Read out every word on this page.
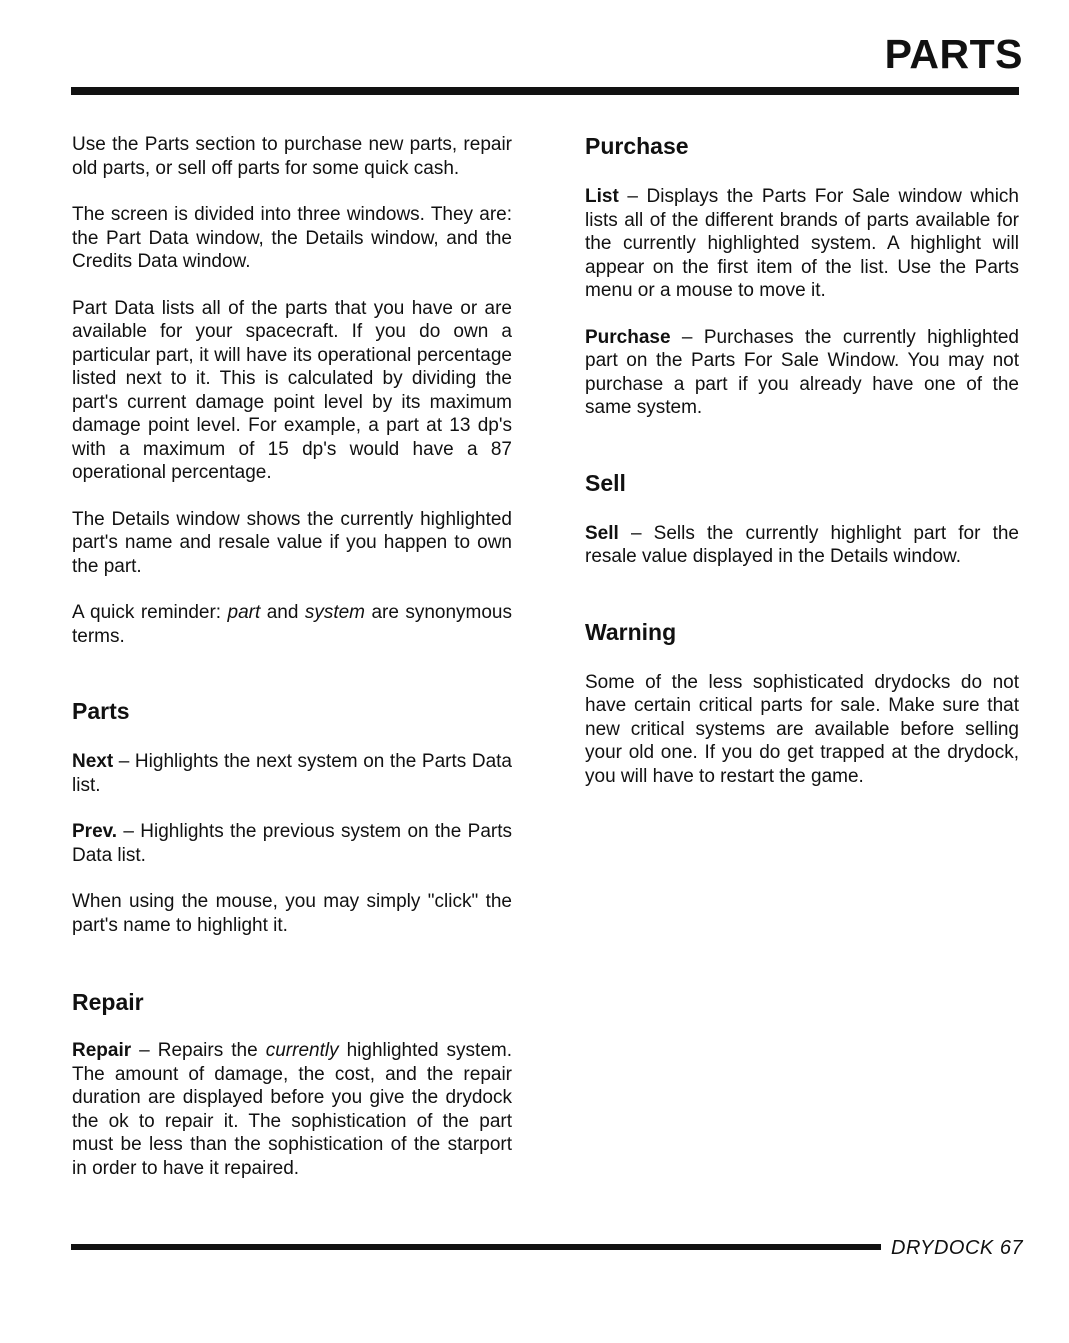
PARTS

Use the Parts section to purchase new parts, repair old parts, or sell off parts for some quick cash.

The screen is divided into three windows. They are: the Part Data window, the Details window, and the Credits Data window.

Part Data lists all of the parts that you have or are available for your spacecraft. If you do own a particular part, it will have its operational percentage listed next to it. This is calculated by dividing the part's current damage point level by its maximum damage point level. For example, a part at 13 dp's with a maximum of 15 dp's would have a 87 operational percentage.

The Details window shows the currently highlighted part's name and resale value if you happen to own the part.

A quick reminder: part and system are synonymous terms.

Parts

Next – Highlights the next system on the Parts Data list.

Prev. – Highlights the previous system on the Parts Data list.

When using the mouse, you may simply "click" the part's name to highlight it.

Repair

Repair – Repairs the currently highlighted system. The amount of damage, the cost, and the repair duration are displayed before you give the drydock the ok to repair it. The sophistication of the part must be less than the sophistication of the starport in order to have it repaired.

Purchase

List – Displays the Parts For Sale window which lists all of the different brands of parts available for the currently highlighted system. A highlight will appear on the first item of the list. Use the Parts menu or a mouse to move it.

Purchase – Purchases the currently highlighted part on the Parts For Sale Window. You may not purchase a part if you already have one of the same system.

Sell

Sell – Sells the currently highlight part for the resale value displayed in the Details window.

Warning

Some of the less sophisticated drydocks do not have certain critical parts for sale. Make sure that new critical systems are available before selling your old one. If you do get trapped at the drydock, you will have to restart the game.

DRYDOCK 67
